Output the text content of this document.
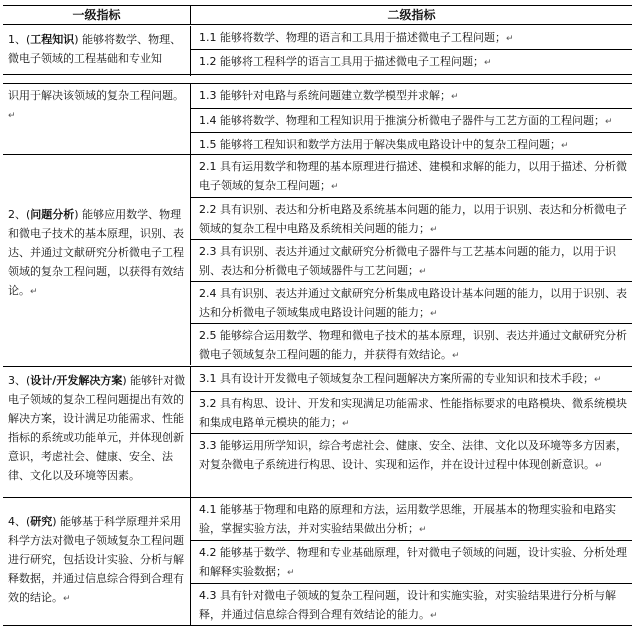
一级指标	二级指标
1、(工程知识) 能够将数学、物理、微电子领域的工程基础和专业知
1.1 能够将数学、物理的语言和工具用于描述微电子工程问题；↵
1.2 能够将工程科学的语言工具用于描述微电子工程问题；↵
识用于解决该领域的复杂工程问题。↵
1.3 能够针对电路与系统问题建立数学模型并求解；↵
1.4 能够将数学、物理和工程知识用于推演分析微电子器件与工艺方面的工程问题；↵
1.5 能够将工程知识和数学方法用于解决集成电路设计中的复杂工程问题；↵
2、(问题分析) 能够应用数学、物理和微电子技术的基本原理，识别、表达、并通过文献研究分析微电子工程领域的复杂工程问题，以获得有效结论。↵
2.1 具有运用数学和物理的基本原理进行描述、建模和求解的能力，以用于描述、分析微电子领域的复杂工程问题；↵
2.2 具有识别、表达和分析电路及系统基本问题的能力，以用于识别、表达和分析微电子领域的复杂工程中电路及系统相关问题的能力；↵
2.3 具有识别、表达并通过文献研究分析微电子器件与工艺基本问题的能力，以用于识别、表达和分析微电子领域器件与工艺问题；↵
2.4 具有识别、表达并通过文献研究分析集成电路设计基本问题的能力，以用于识别、表达和分析微电子领域集成电路设计问题的能力；↵
2.5 能够综合运用数学、物理和微电子技术的基本原理，识别、表达并通过文献研究分析微电子领域复杂工程问题的能力，并获得有效结论。↵
3、(设计/开发解决方案) 能够针对微电子领域的复杂工程问题提出有效的解决方案，设计满足功能需求、性能指标的系统或功能单元，并体现创新意识，考虑社会、健康、安全、法律、文化以及环境等因素。
3.1 具有设计开发微电子领域复杂工程问题解决方案所需的专业知识和技术手段；↵
3.2 具有构思、设计、开发和实现满足功能需求、性能指标要求的电路模块、微系统模块和集成电路单元模块的能力；↵
3.3 能够运用所学知识，综合考虑社会、健康、安全、法律、文化以及环境等多方因素，对复杂微电子系统进行构思、设计、实现和运作，并在设计过程中体现创新意识。↵
4、(研究) 能够基于科学原理并采用科学方法对微电子领域复杂工程问题进行研究，包括设计实验、分析与解释数据，并通过信息综合得到合理有效的结论。↵
4.1 能够基于物理和电路的原理和方法，运用数学思维，开展基本的物理实验和电路实验，掌握实验方法，并对实验结果做出分析；↵
4.2 能够基于数学、物理和专业基础原理，针对微电子领域的问题，设计实验、分析处理和解释实验数据；↵
4.3 具有针对微电子领域的复杂工程问题，设计和实施实验，对实验结果进行分析与解释，并通过信息综合得到合理有效结论的能力。↵
